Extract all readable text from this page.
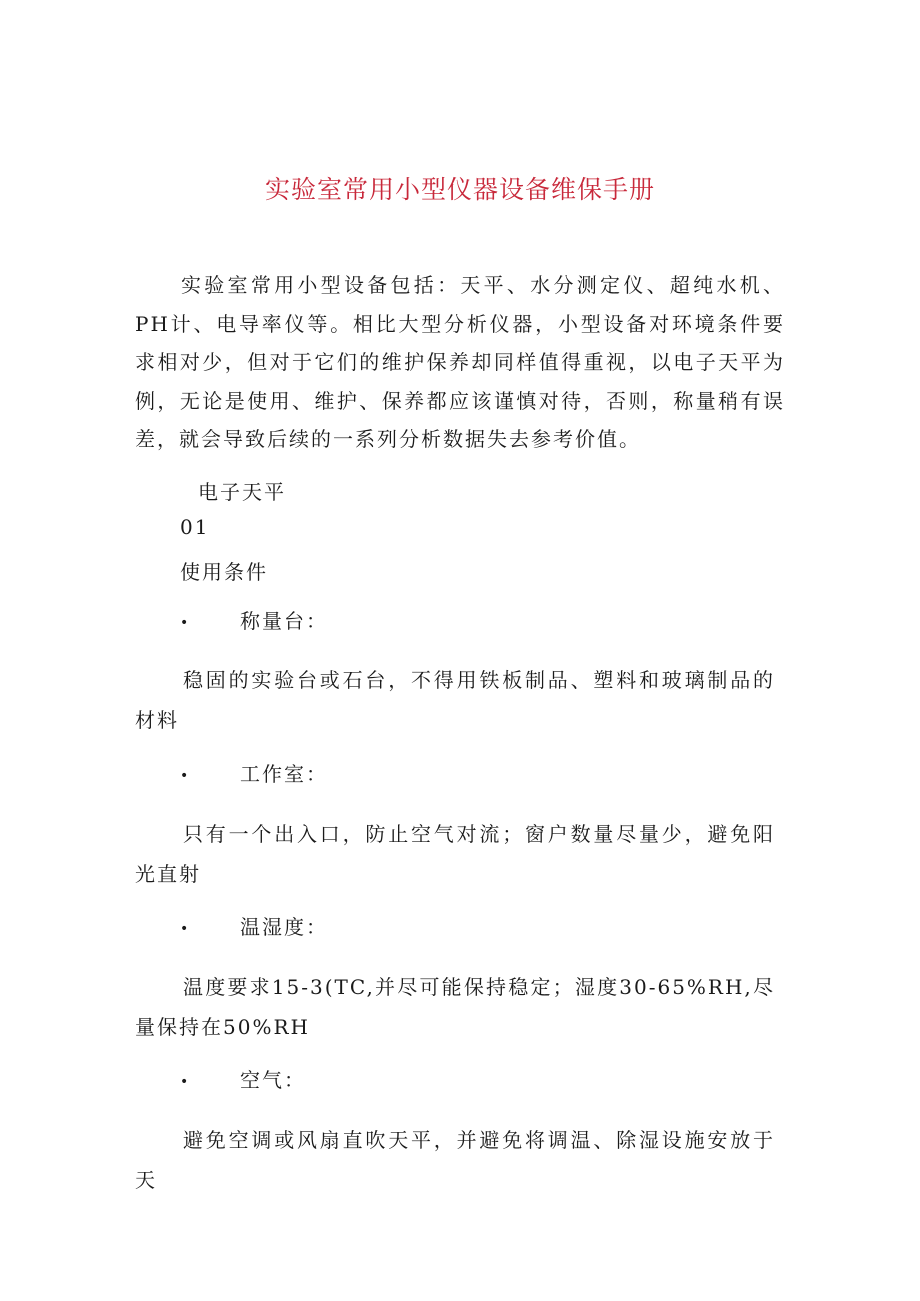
实验室常用小型仪器设备维保手册

实验室常用小型设备包括：天平、水分测定仪、超纯水机、PH计、电导率仪等。相比大型分析仪器，小型设备对环境条件要求相对少，但对于它们的维护保养却同样值得重视，以电子天平为例，无论是使用、维护、保养都应该谨慎对待，否则，称量稍有误差，就会导致后续的一系列分析数据失去参考价值。

电子天平

01

使用条件

• 称量台：

稳固的实验台或石台，不得用铁板制品、塑料和玻璃制品的材料

• 工作室：

只有一个出入口，防止空气对流；窗户数量尽量少，避免阳光直射

• 温湿度：

温度要求15-3(TC,并尽可能保持稳定；湿度30-65%RH,尽量保持在50%RH

• 空气：

避免空调或风扇直吹天平，并避免将调温、除湿设施安放于天
